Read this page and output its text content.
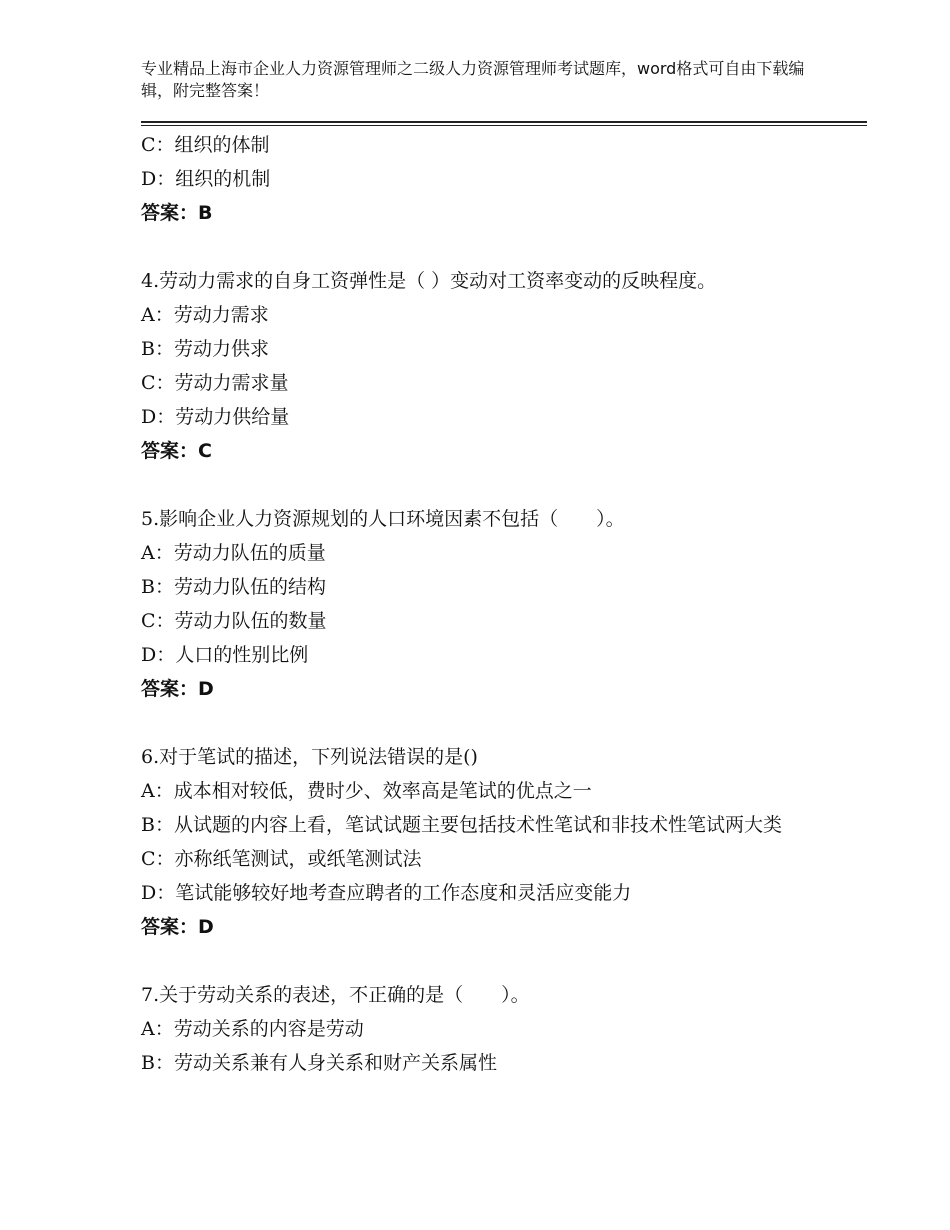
专业精品上海市企业人力资源管理师之二级人力资源管理师考试题库，word格式可自由下载编辑，附完整答案！
C：组织的体制
D：组织的机制
答案：B
4.劳动力需求的自身工资弹性是（ ）变动对工资率变动的反映程度。
A：劳动力需求
B：劳动力供求
C：劳动力需求量
D：劳动力供给量
答案：C
5.影响企业人力资源规划的人口环境因素不包括（　　）。
A：劳动力队伍的质量
B：劳动力队伍的结构
C：劳动力队伍的数量
D：人口的性别比例
答案：D
6.对于笔试的描述，下列说法错误的是()
A：成本相对较低，费时少、效率高是笔试的优点之一
B：从试题的内容上看，笔试试题主要包括技术性笔试和非技术性笔试两大类
C：亦称纸笔测试，或纸笔测试法
D：笔试能够较好地考查应聘者的工作态度和灵活应变能力
答案：D
7.关于劳动关系的表述，不正确的是（　　）。
A：劳动关系的内容是劳动
B：劳动关系兼有人身关系和财产关系属性
